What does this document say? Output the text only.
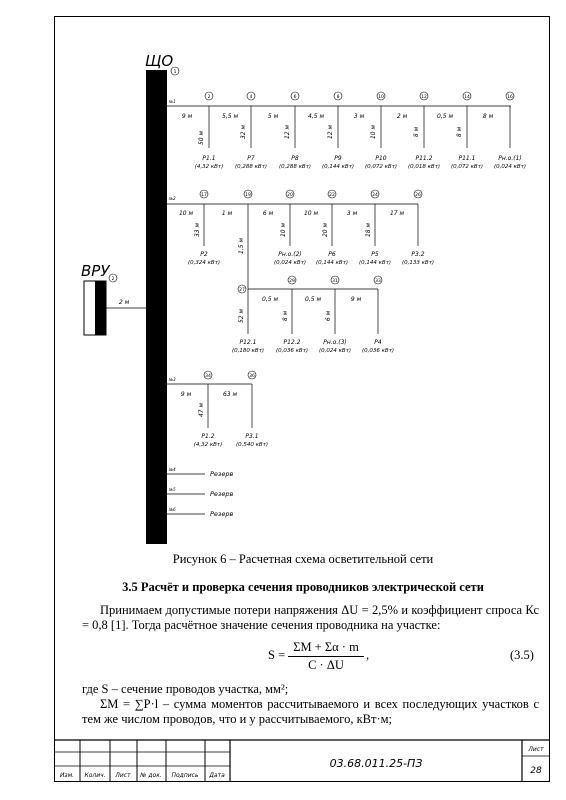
ЩО
1
ВРУ 2
2 м
№1
2	4	6	8	10	12	14	16
9 м	5,5 м	5 м	4,5 м	3 м	2 м	0,5 м	8 м
50 м	32 м	12 м	12 м	10 м	8 м	8 м
Р1.1	Р7	Р8	Р9	Р10	Р11.2	Р11.1	Рн.о.(1)
(4,32 кВт) (0,288 кВт) (0,288 кВт) (0,144 кВт) (0,072 кВт) (0,018 кВт) (0,072 кВт) (0,024 кВт)
№2
17	19	20	22	24	26
10 м	1 м	6 м	10 м	3 м	17 м
33 м
1,5 м
10 м	20 м	18 м
Р2	Рн.о.(2)	Р6	Р5	Р3.2
(0,324 кВт)	(0,024 кВт) (0,144 кВт) (0,144 кВт) (0,133 кВт)
27
29	31	33
0,5 м	0,5 м	9 м
52 м	8 м	6 м
Р12.1	Р12.2	Рн.о.(3)	Р4
(0,180 кВт) (0,036 кВт) (0,024 кВт) (0,036 кВт)
№3
34	36
9 м	63 м
47 м
Р1.2	Р3.1
(4,32 кВт) (0,540 кВт)
№4
Резерв
№5
Резерв
№6
Резерв
Изм. Колич. Лист № док. Подпись Дата
03.68.011.25-ПЗ
Лист
28
Рисунок 6 – Расчетная схема осветительной сети
3.5 Расчёт и проверка сечения проводников электрической сети
Принимаем допустимые потери напряжения ΔU = 2,5% и коэффициент спроса Кс = 0,8 [1]. Тогда расчётное значение сечения проводника на участке:
$S = \frac{\Sigma M + \Sigma\alpha \cdot m}{C \cdot \Delta U}$ ,	(3.5)
где S – сечение проводов участка, мм²;
ΣM = ∑P·l – сумма моментов рассчитываемого и всех последующих участков с тем же числом проводов, что и у рассчитываемого, кВт·м;
